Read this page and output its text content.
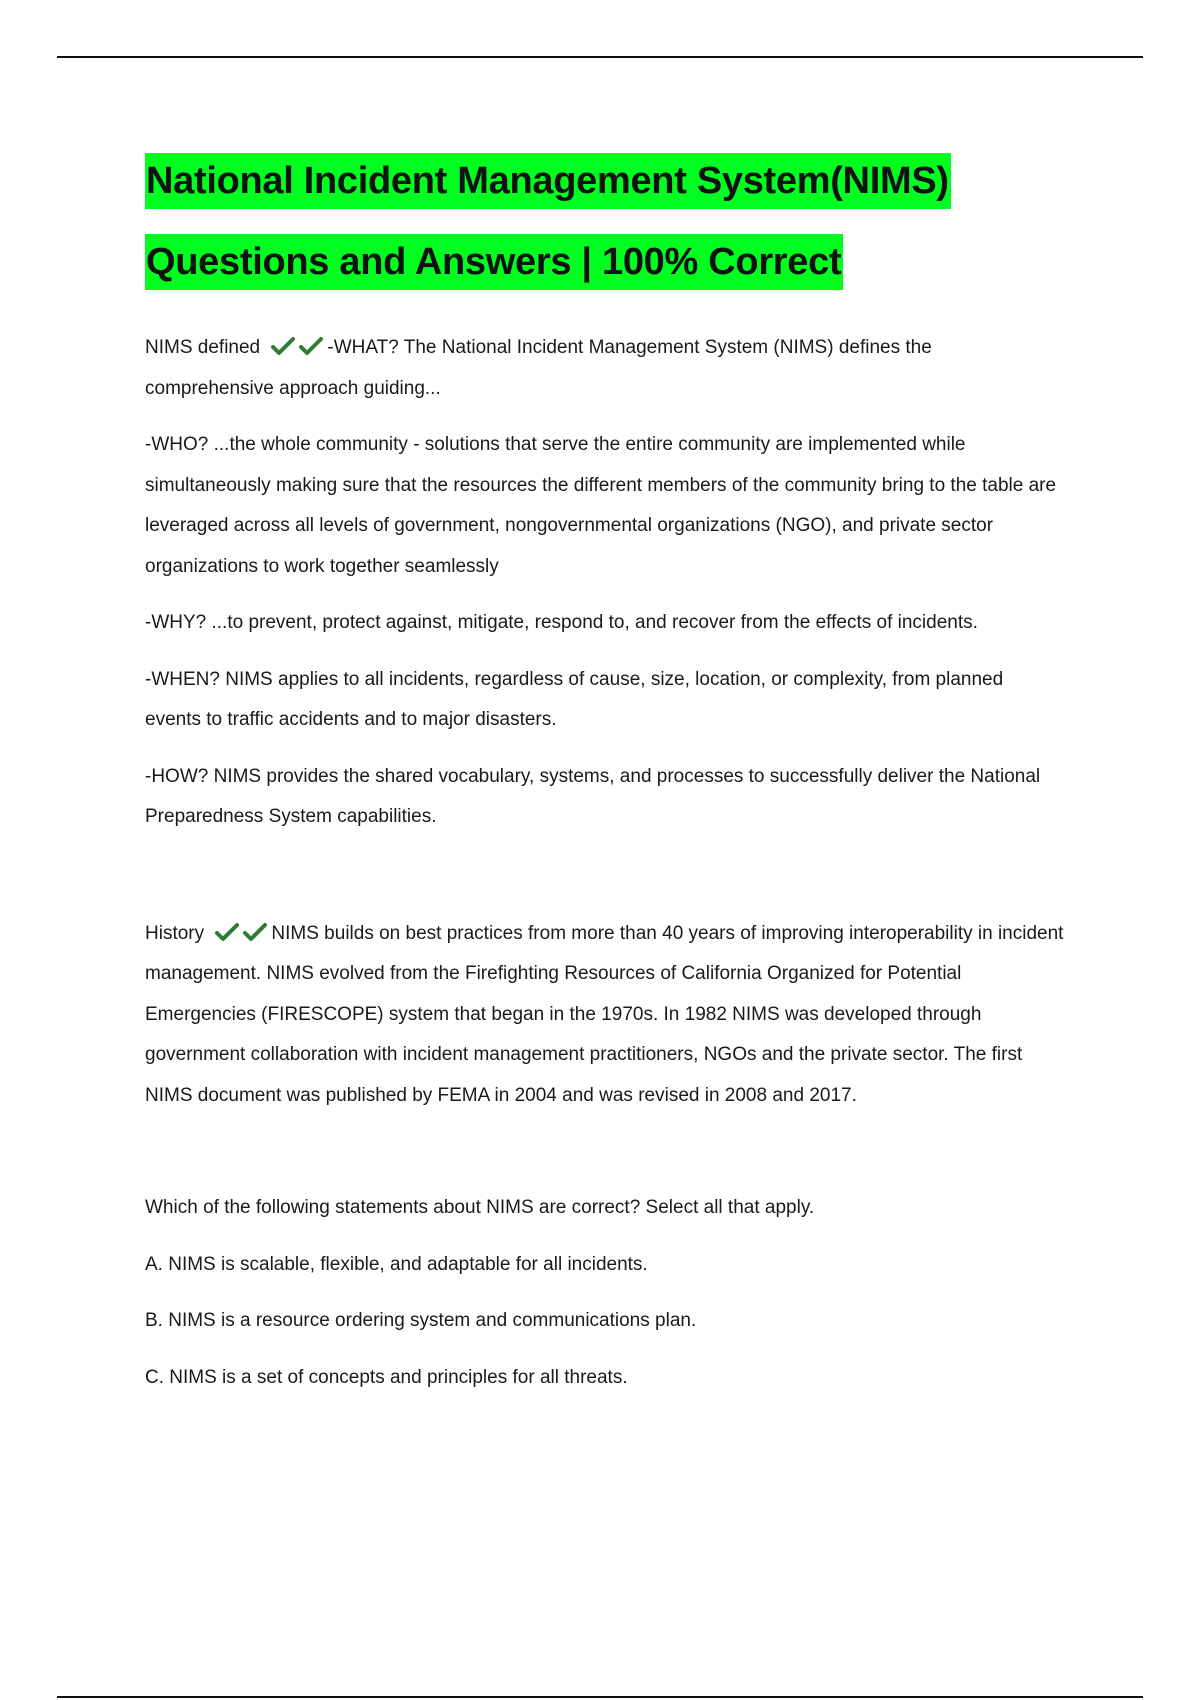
National Incident Management System(NIMS)
Questions and Answers | 100% Correct

NIMS defined	-WHAT? The National Incident Management System (NIMS) defines the comprehensive approach guiding...

-WHO? ...the whole community - solutions that serve the entire community are implemented while simultaneously making sure that the resources the different members of the community bring to the table are leveraged across all levels of government, nongovernmental organizations (NGO), and private sector organizations to work together seamlessly

-WHY? ...to prevent, protect against, mitigate, respond to, and recover from the effects of incidents.

-WHEN? NIMS applies to all incidents, regardless of cause, size, location, or complexity, from planned events to traffic accidents and to major disasters.

-HOW? NIMS provides the shared vocabulary, systems, and processes to successfully deliver the National Preparedness System capabilities.

History	NIMS builds on best practices from more than 40 years of improving interoperability in incident management. NIMS evolved from the Firefighting Resources of California Organized for Potential Emergencies (FIRESCOPE) system that began in the 1970s. In 1982 NIMS was developed through government collaboration with incident management practitioners, NGOs and the private sector. The first NIMS document was published by FEMA in 2004 and was revised in 2008 and 2017.

Which of the following statements about NIMS are correct? Select all that apply.

A. NIMS is scalable, flexible, and adaptable for all incidents.

B. NIMS is a resource ordering system and communications plan.

C. NIMS is a set of concepts and principles for all threats.
